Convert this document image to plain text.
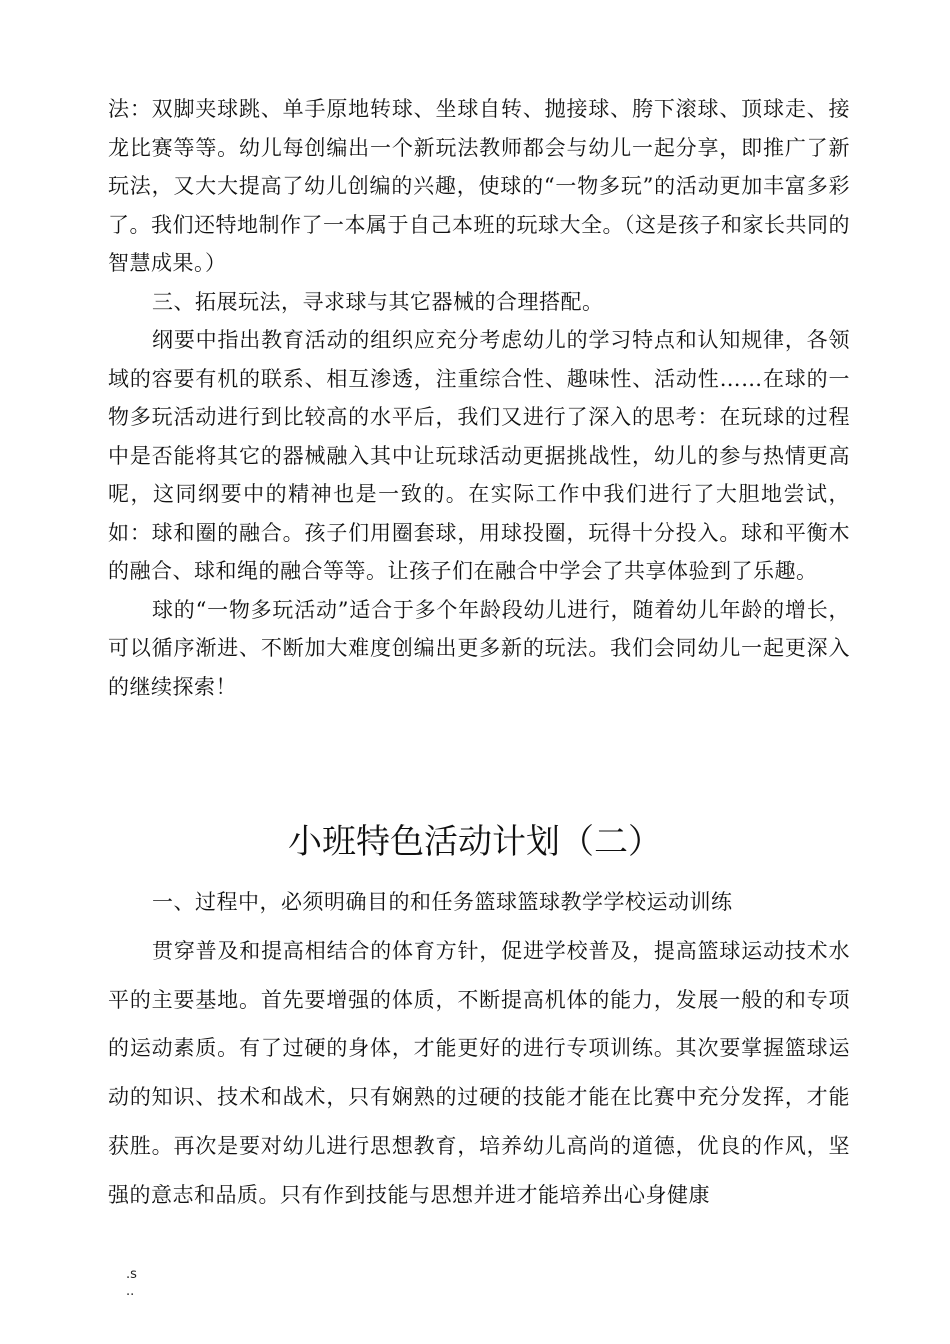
法：双脚夹球跳、单手原地转球、坐球自转、抛接球、胯下滚球、顶球走、接龙比赛等等。幼儿每创编出一个新玩法教师都会与幼儿一起分享，即推广了新玩法，又大大提高了幼儿创编的兴趣，使球的“一物多玩”的活动更加丰富多彩了。我们还特地制作了一本属于自己本班的玩球大全。（这是孩子和家长共同的智慧成果。）

三、拓展玩法，寻求球与其它器械的合理搭配。

纲要中指出教育活动的组织应充分考虑幼儿的学习特点和认知规律，各领域的容要有机的联系、相互渗透，注重综合性、趣味性、活动性……在球的一物多玩活动进行到比较高的水平后，我们又进行了深入的思考：在玩球的过程中是否能将其它的器械融入其中让玩球活动更据挑战性，幼儿的参与热情更高呢，这同纲要中的精神也是一致的。在实际工作中我们进行了大胆地尝试，如：球和圈的融合。孩子们用圈套球，用球投圈，玩得十分投入。球和平衡木的融合、球和绳的融合等等。让孩子们在融合中学会了共享体验到了乐趣。

球的“一物多玩活动”适合于多个年龄段幼儿进行，随着幼儿年龄的增长，可以循序渐进、不断加大难度创编出更多新的玩法。我们会同幼儿一起更深入的继续探索！

小班特色活动计划（二）

一、过程中，必须明确目的和任务篮球篮球教学学校运动训练

贯穿普及和提高相结合的体育方针，促进学校普及，提高篮球运动技术水平的主要基地。首先要增强的体质，不断提高机体的能力，发展一般的和专项的运动素质。有了过硬的身体，才能更好的进行专项训练。其次要掌握篮球运动的知识、技术和战术，只有娴熟的过硬的技能才能在比赛中充分发挥，才能获胜。再次是要对幼儿进行思想教育，培养幼儿高尚的道德，优良的作风，坚强的意志和品质。只有作到技能与思想并进才能培养出心身健康

.s
..
